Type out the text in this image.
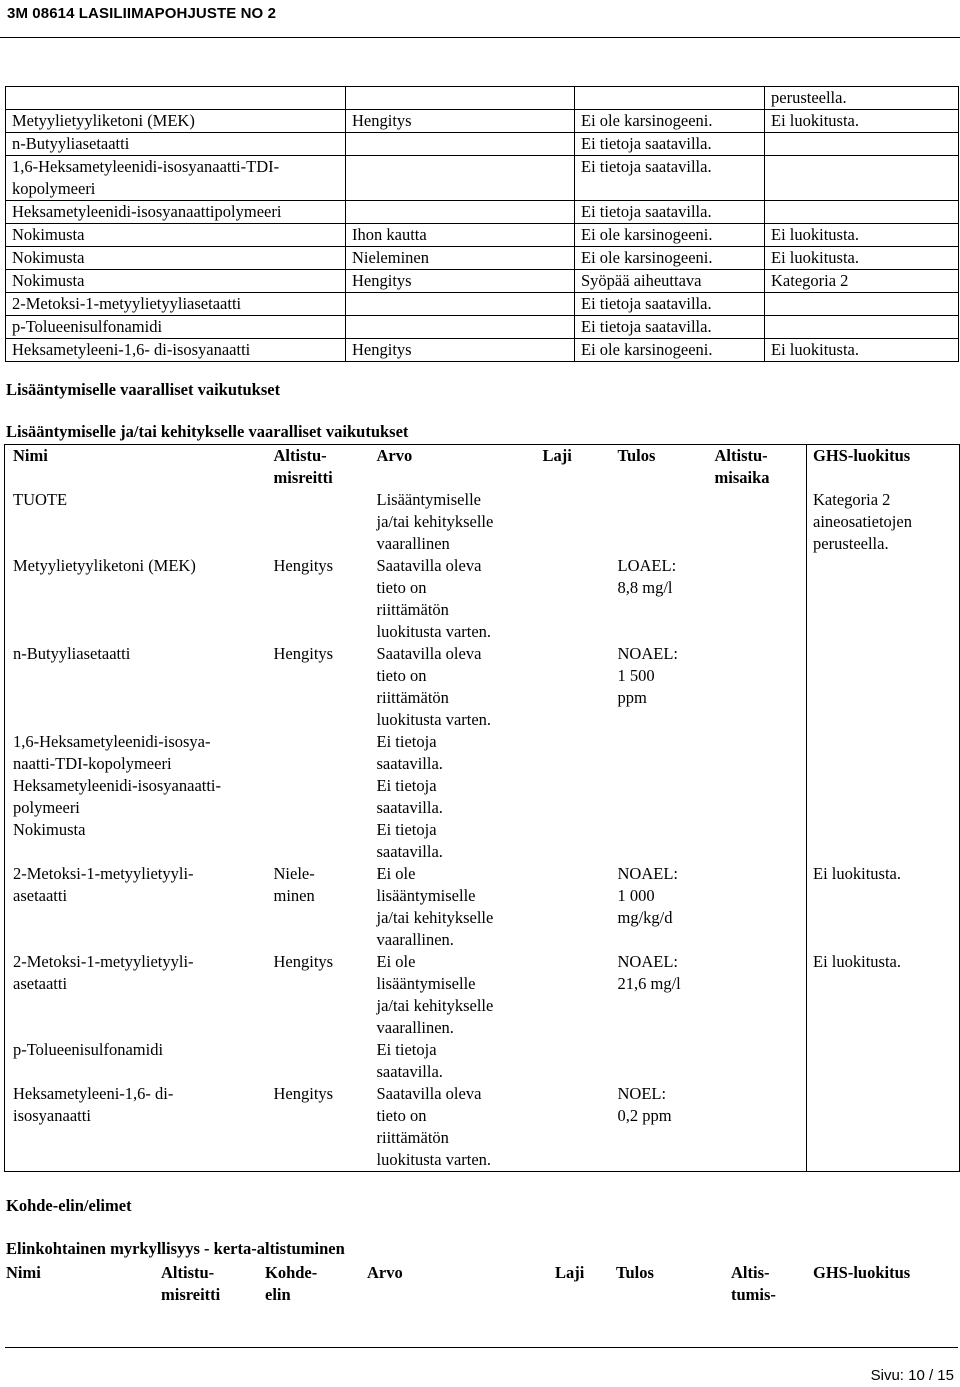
3M 08614 LASILIIMAPOHJUSTE NO 2
			perusteella.
Metyylietyyliketoni (MEK)	Hengitys	Ei ole karsinogeeni.	Ei luokitusta.
n-Butyyliasetaatti		Ei tietoja saatavilla.	
1,6-Heksametyleenidi-isosyanaatti-TDI-
kopolymeeri		Ei tietoja saatavilla.	
Heksametyleenidi-isosyanaattipolymeeri		Ei tietoja saatavilla.	
Nokimusta	Ihon kautta	Ei ole karsinogeeni.	Ei luokitusta.
Nokimusta	Nieleminen	Ei ole karsinogeeni.	Ei luokitusta.
Nokimusta	Hengitys	Syöpää aiheuttava	Kategoria 2
2-Metoksi-1-metyylietyyliasetaatti		Ei tietoja saatavilla.	
p-Tolueenisulfonamidi		Ei tietoja saatavilla.	
Heksametyleeni-1,6- di-isosyanaatti	Hengitys	Ei ole karsinogeeni.	Ei luokitusta.
Lisääntymiselle vaaralliset vaikutukset
Lisääntymiselle ja/tai kehitykselle vaaralliset vaikutukset
Nimi	Altistu-
misreitti	Arvo	Laji	Tulos	Altistu-
misaika	GHS-luokitus
TUOTE		Lisääntymiselle
ja/tai kehitykselle
vaarallinen				Kategoria 2
aineosatietojen
perusteella.
Metyylietyyliketoni (MEK)	Hengitys	Saatavilla oleva
tieto on
riittämätön
luokitusta varten.		LOAEL:
8,8 mg/l		
n-Butyyliasetaatti	Hengitys	Saatavilla oleva
tieto on
riittämätön
luokitusta varten.		NOAEL:
1 500
ppm		
1,6-Heksametyleenidi-isosya-
naatti-TDI-kopolymeeri		Ei tietoja
saatavilla.				
Heksametyleenidi-isosyanaatti-
polymeeri		Ei tietoja
saatavilla.				
Nokimusta		Ei tietoja
saatavilla.				
2-Metoksi-1-metyylietyyli-
asetaatti	Niele-
minen	Ei ole
lisääntymiselle
ja/tai kehitykselle
vaarallinen.		NOAEL:
1 000
mg/kg/d		Ei luokitusta.
2-Metoksi-1-metyylietyyli-
asetaatti	Hengitys	Ei ole
lisääntymiselle
ja/tai kehitykselle
vaarallinen.		NOAEL:
21,6 mg/l		Ei luokitusta.
p-Tolueenisulfonamidi		Ei tietoja
saatavilla.				
Heksametyleeni-1,6- di-
isosyanaatti	Hengitys	Saatavilla oleva
tieto on
riittämätön
luokitusta varten.		NOEL:
0,2 ppm		

Kohde-elin/elimet
Elinkohtainen myrkyllisyys - kerta-altistuminen
Nimi	Altistu-
misreitti	Kohde-
elin	Arvo	Laji	Tulos	Altis-
tumis-	GHS-luokitus
Sivu: 10 / 15
